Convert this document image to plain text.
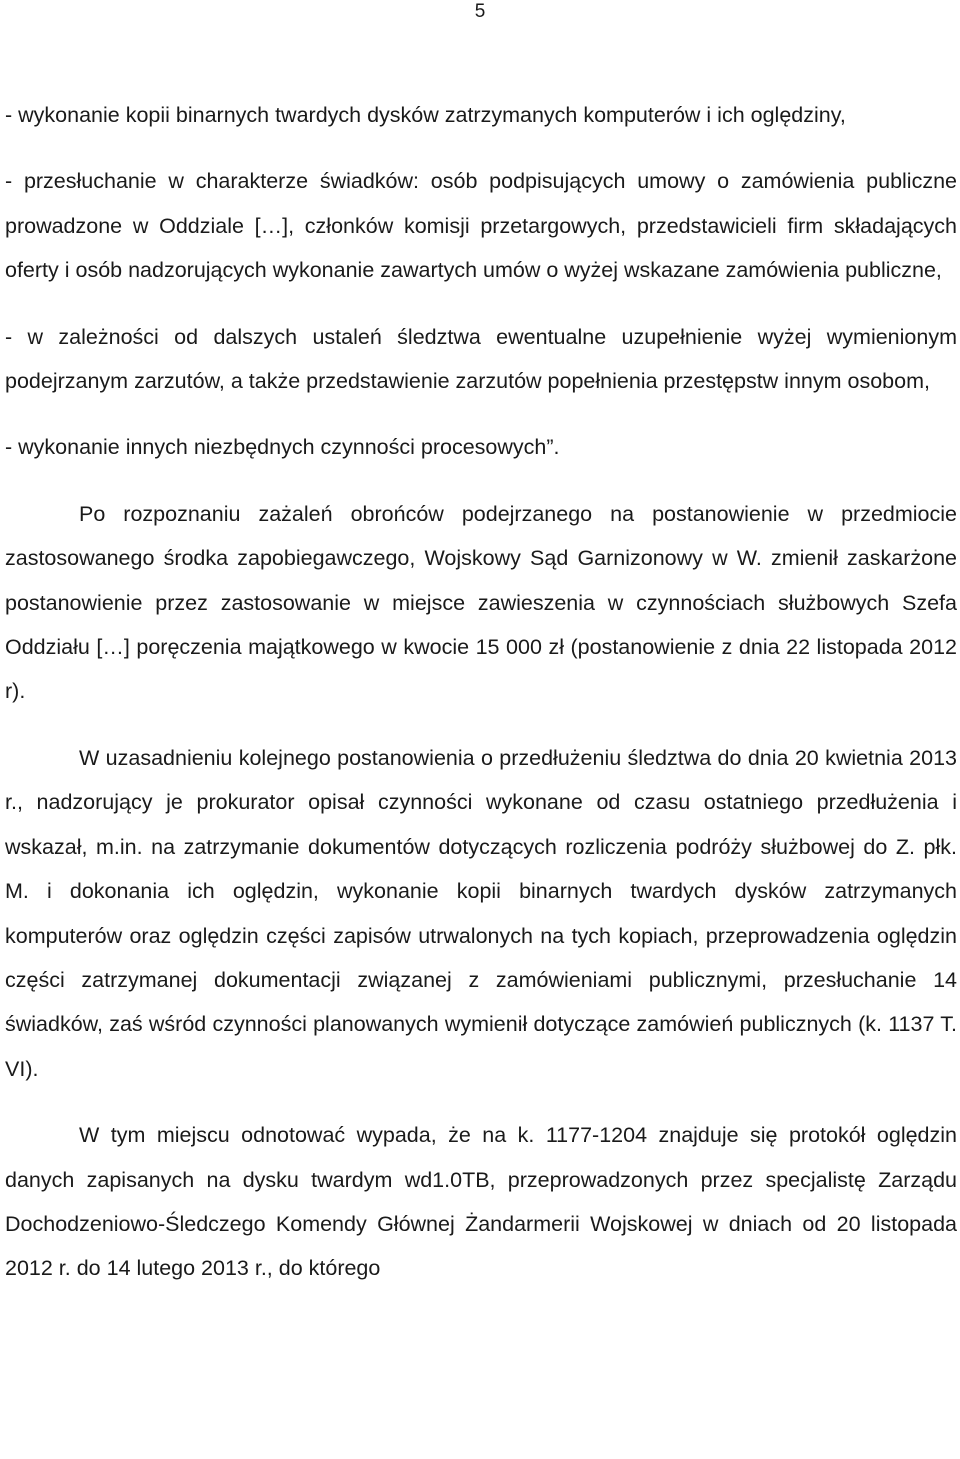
5

- wykonanie kopii binarnych twardych dysków zatrzymanych komputerów i ich oględziny,

- przesłuchanie w charakterze świadków: osób podpisujących umowy o zamówienia publiczne prowadzone w Oddziale […], członków komisji przetargowych, przedstawicieli firm składających oferty i osób nadzorujących wykonanie zawartych umów o wyżej wskazane zamówienia publiczne,

- w zależności od dalszych ustaleń śledztwa ewentualne uzupełnienie wyżej wymienionym podejrzanym zarzutów, a także przedstawienie zarzutów popełnienia przestępstw innym osobom,

- wykonanie innych niezbędnych czynności procesowych”.

Po rozpoznaniu zażaleń obrońców podejrzanego na postanowienie w przedmiocie zastosowanego środka zapobiegawczego, Wojskowy Sąd Garnizonowy w W. zmienił zaskarżone postanowienie przez zastosowanie w miejsce zawieszenia w czynnościach służbowych Szefa Oddziału […] poręczenia majątkowego w kwocie 15 000 zł (postanowienie z dnia 22 listopada 2012 r).

W uzasadnieniu kolejnego postanowienia o przedłużeniu śledztwa do dnia 20 kwietnia 2013 r., nadzorujący je prokurator opisał czynności wykonane od czasu ostatniego przedłużenia i wskazał, m.in. na zatrzymanie dokumentów dotyczących rozliczenia podróży służbowej do Z. płk. M. i dokonania ich oględzin, wykonanie kopii binarnych twardych dysków zatrzymanych komputerów oraz oględzin części zapisów utrwalonych na tych kopiach, przeprowadzenia oględzin części zatrzymanej dokumentacji związanej z zamówieniami publicznymi, przesłuchanie 14 świadków, zaś wśród czynności planowanych wymienił dotyczące zamówień publicznych (k. 1137 T. VI).

W tym miejscu odnotować wypada, że na k. 1177-1204 znajduje się protokół oględzin danych zapisanych na dysku twardym wd1.0TB, przeprowadzonych przez specjalistę Zarządu Dochodzeniowo-Śledczego Komendy Głównej Żandarmerii Wojskowej w dniach od 20 listopada 2012 r. do 14 lutego 2013 r., do którego
